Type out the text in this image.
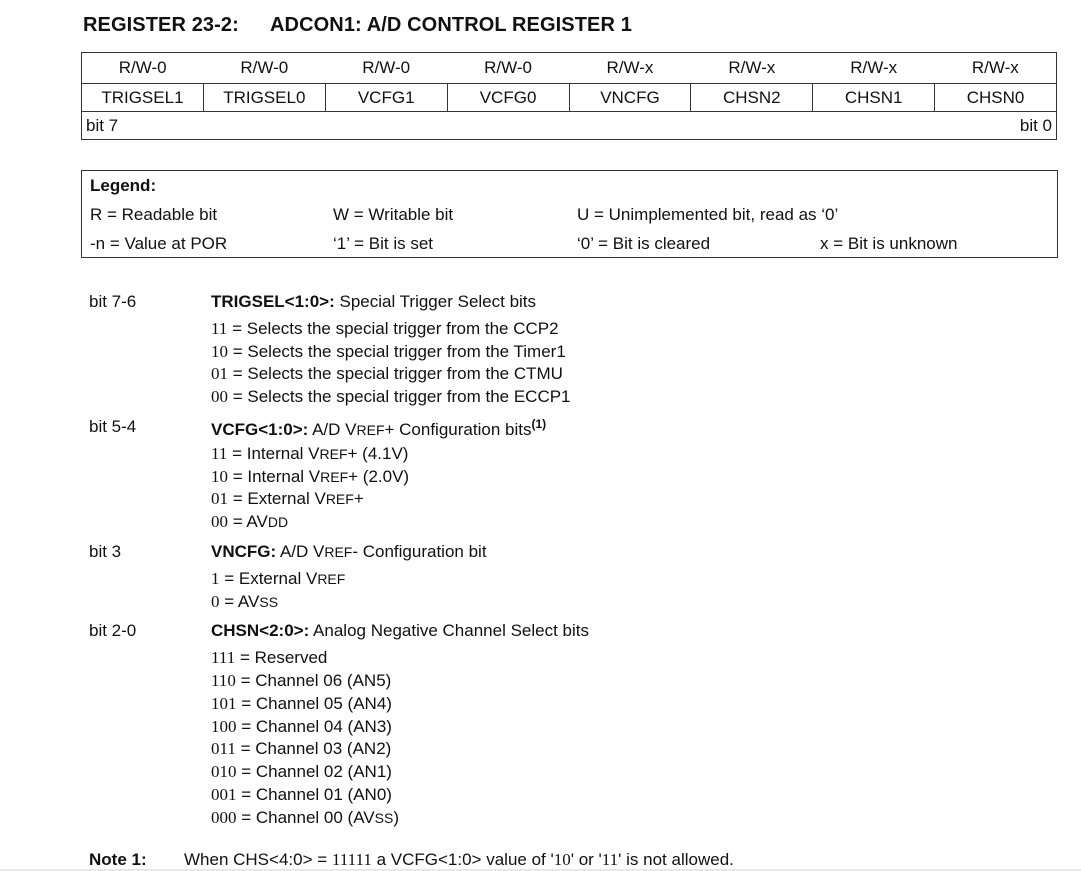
REGISTER 23-2: ADCON1: A/D CONTROL REGISTER 1
R/W-0	R/W-0	R/W-0	R/W-0	R/W-x	R/W-x	R/W-x	R/W-x
TRIGSEL1	TRIGSEL0	VCFG1	VCFG0	VNCFG	CHSN2	CHSN1	CHSN0

bit 7 bit 0							
Legend:
R = Readable bit	W = Writable bit	U = Unimplemented bit, read as ‘0’
-n = Value at POR	‘1’ = Bit is set	‘0’ = Bit is cleared	x = Bit is unknown
bit 7-6	TRIGSEL<1:0>: Special Trigger Select bits
11 = Selects the special trigger from the CCP2
10 = Selects the special trigger from the Timer1
01 = Selects the special trigger from the CTMU
00 = Selects the special trigger from the ECCP1
bit 5-4	VCFG<1:0>: A/D VREF+ Configuration bits$^{(1)}$
11 = Internal VREF+ (4.1V)
10 = Internal VREF+ (2.0V)
01 = External VREF+
00 = AVDD
bit 3	VNCFG: A/D VREF- Configuration bit
1 = External VREF
0 = AVSS
bit 2-0	CHSN<2:0>: Analog Negative Channel Select bits
111 = Reserved
110 = Channel 06 (AN5)
101 = Channel 05 (AN4)
100 = Channel 04 (AN3)
011 = Channel 03 (AN2)
010 = Channel 02 (AN1)
001 = Channel 01 (AN0)
000 = Channel 00 (AVSS)
Note 1: When CHS<4:0> = 11111 a VCFG<1:0> value of '10' or '11' is not allowed.
